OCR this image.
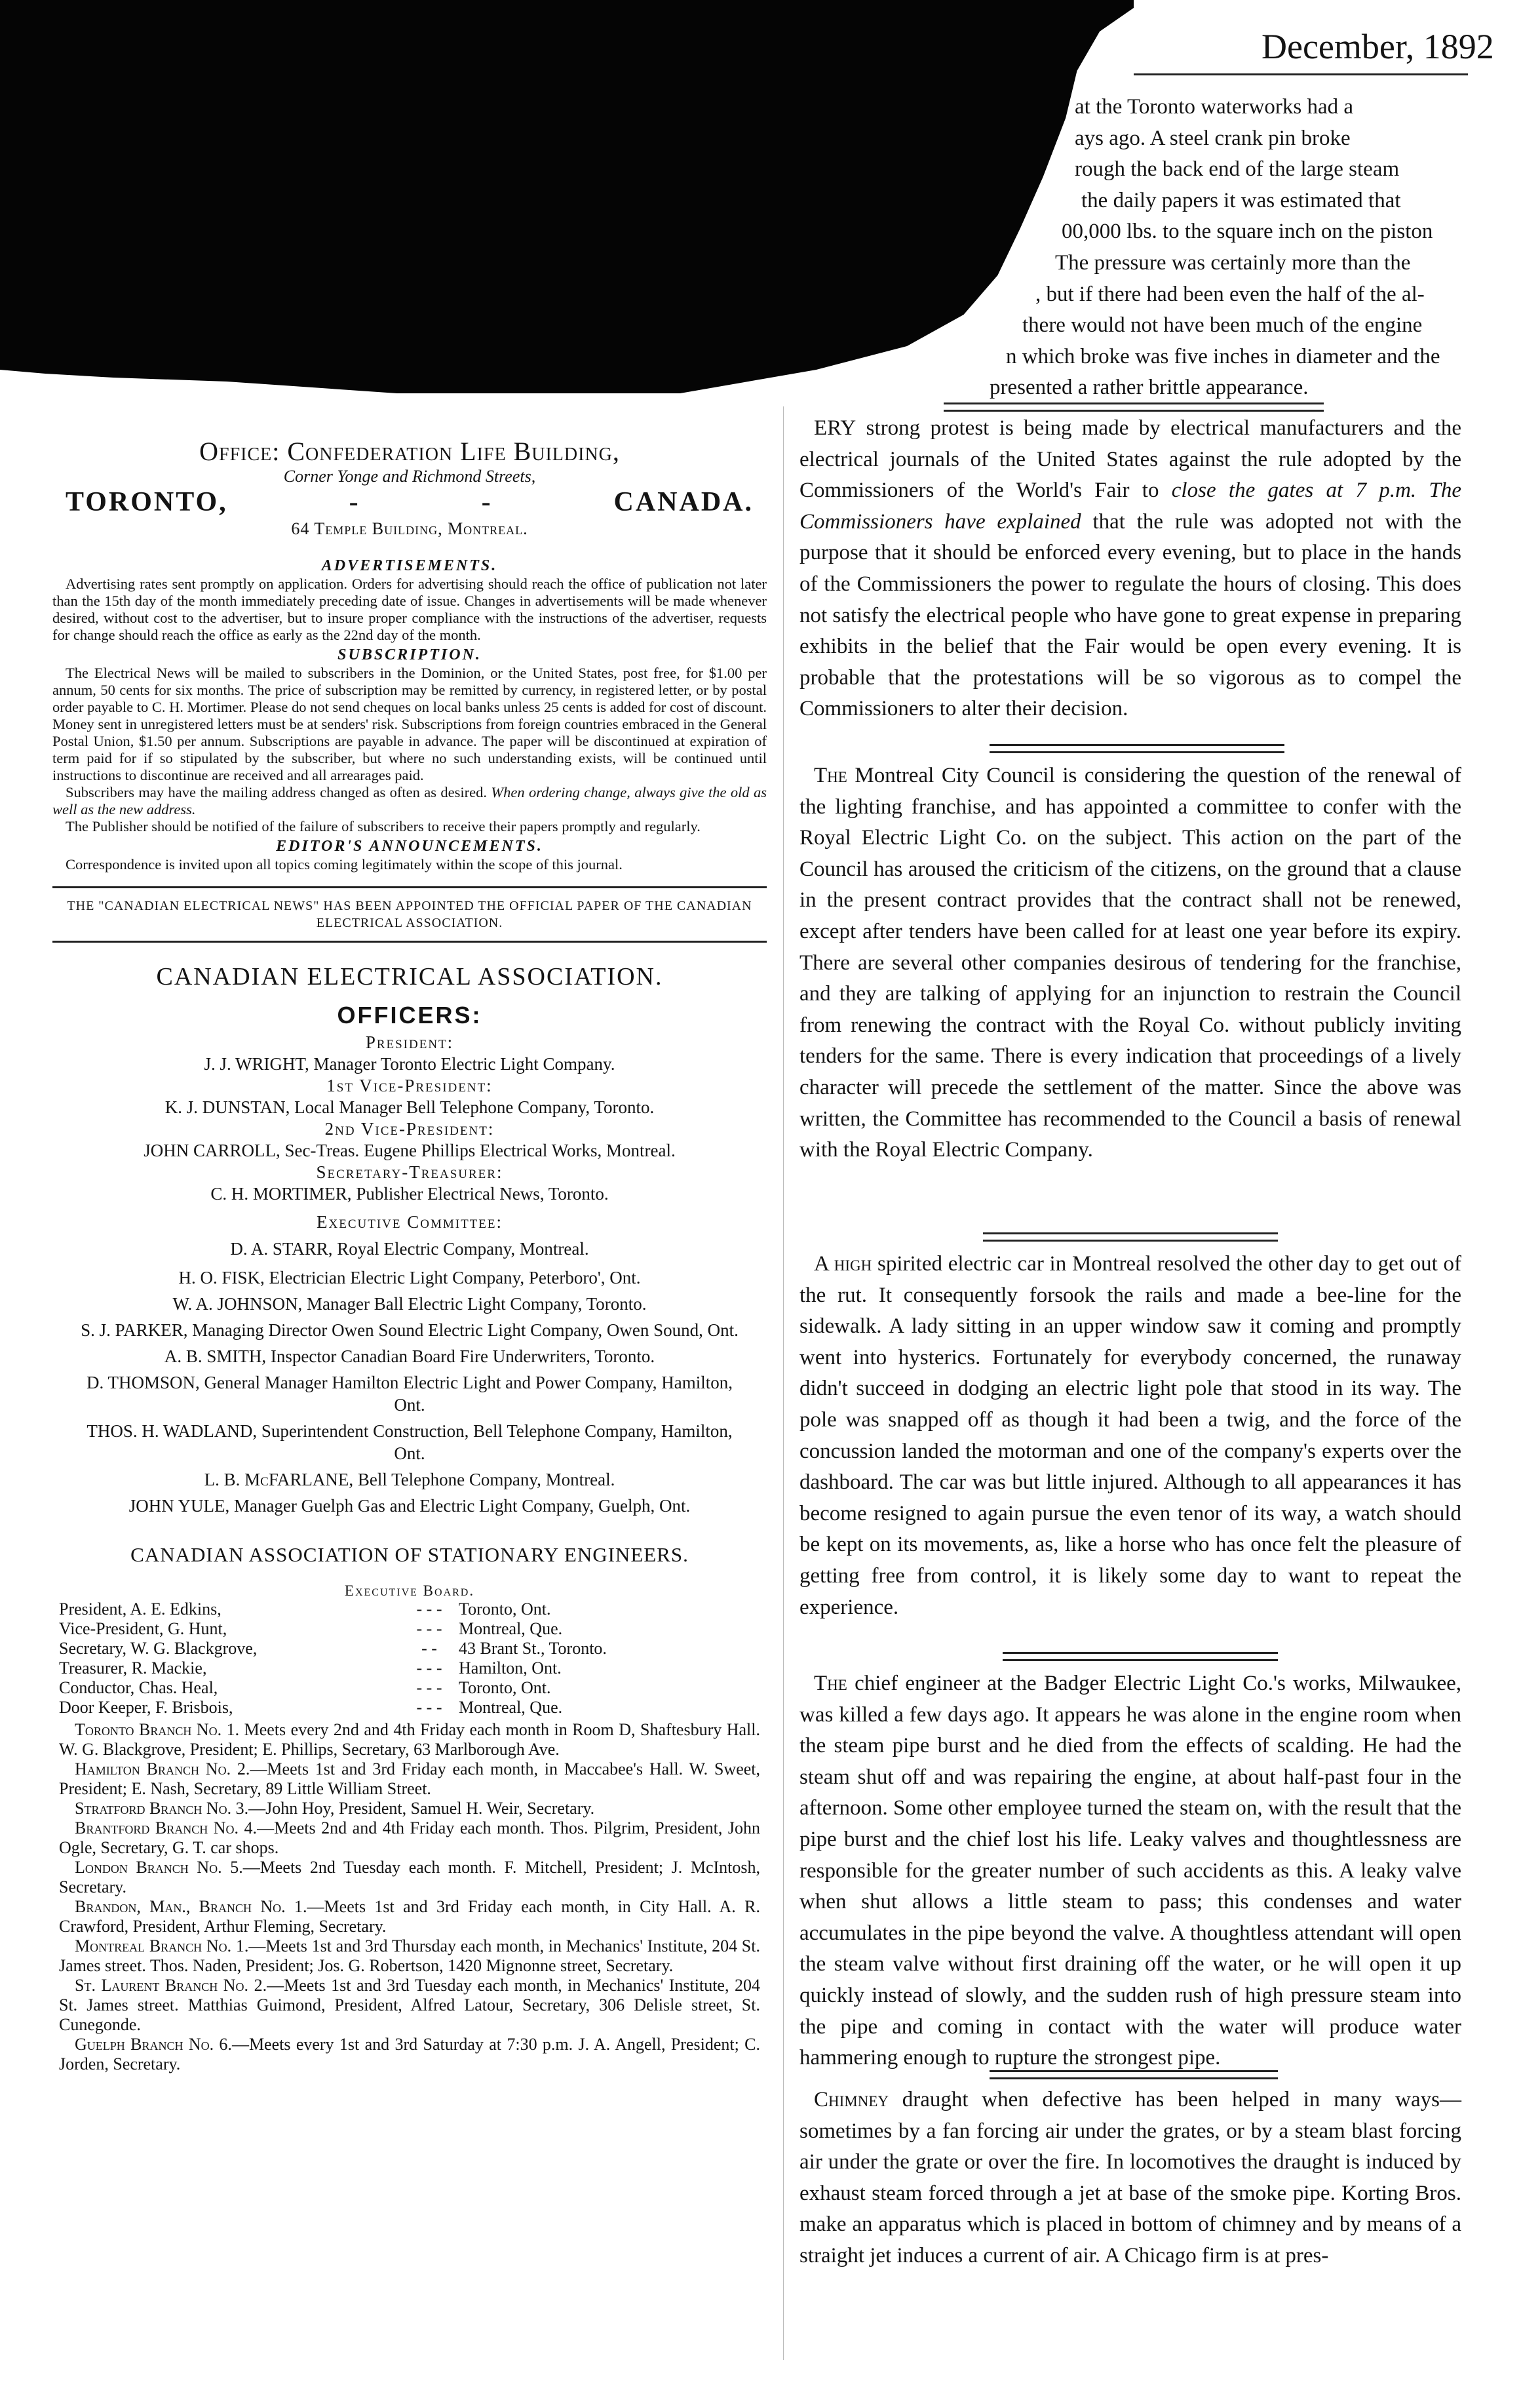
December, 1892
at the Toronto waterworks had a
ays ago. A steel crank pin broke
rough the back end of the large steam
the daily papers it was estimated that
00,000 lbs. to the square inch on the piston
The pressure was certainly more than the
, but if there had been even the half of the al-
there would not have been much of the engine
n which broke was five inches in diameter and the
presented a rather brittle appearance.

ERY strong protest is being made by electrical manufacturers and the electrical journals of the United States against the rule adopted by the Commissioners of the World's Fair to close the gates at 7 p.m. The Commissioners have explained that the rule was adopted not with the purpose that it should be enforced every evening, but to place in the hands of the Commissioners the power to regulate the hours of closing. This does not satisfy the electrical people who have gone to great expense in preparing exhibits in the belief that the Fair would be open every evening. It is probable that the protestations will be so vigorous as to compel the Commissioners to alter their decision.

The Montreal City Council is considering the question of the renewal of the lighting franchise, and has appointed a committee to confer with the Royal Electric Light Co. on the subject. This action on the part of the Council has aroused the criticism of the citizens, on the ground that a clause in the present contract provides that the contract shall not be renewed, except after tenders have been called for at least one year before its expiry. There are several other companies desirous of tendering for the franchise, and they are talking of applying for an injunction to restrain the Council from renewing the contract with the Royal Co. without publicly inviting tenders for the same. There is every indication that proceedings of a lively character will precede the settlement of the matter. Since the above was written, the Committee has recommended to the Council a basis of renewal with the Royal Electric Company.

A high spirited electric car in Montreal resolved the other day to get out of the rut. It consequently forsook the rails and made a bee-line for the sidewalk. A lady sitting in an upper window saw it coming and promptly went into hysterics. Fortunately for everybody concerned, the runaway didn't succeed in dodging an electric light pole that stood in its way. The pole was snapped off as though it had been a twig, and the force of the concussion landed the motorman and one of the company's experts over the dashboard. The car was but little injured. Although to all appearances it has become resigned to again pursue the even tenor of its way, a watch should be kept on its movements, as, like a horse who has once felt the pleasure of getting free from control, it is likely some day to want to repeat the experience.

The chief engineer at the Badger Electric Light Co.'s works, Milwaukee, was killed a few days ago. It appears he was alone in the engine room when the steam pipe burst and he died from the effects of scalding. He had the steam shut off and was repairing the engine, at about half-past four in the afternoon. Some other employee turned the steam on, with the result that the pipe burst and the chief lost his life. Leaky valves and thoughtlessness are responsible for the greater number of such accidents as this. A leaky valve when shut allows a little steam to pass; this condenses and water accumulates in the pipe beyond the valve. A thoughtless attendant will open the steam valve without first draining off the water, or he will open it up quickly instead of slowly, and the sudden rush of high pressure steam into the pipe and coming in contact with the water will produce water hammering enough to rupture the strongest pipe.

Chimney draught when defective has been helped in many ways—sometimes by a fan forcing air under the grates, or by a steam blast forcing air under the grate or over the fire. In locomotives the draught is induced by exhaust steam forced through a jet at base of the smoke pipe. Korting Bros. make an apparatus which is placed in bottom of chimney and by means of a straight jet induces a current of air. A Chicago firm is at pres-

Office: Confederation Life Building,
Corner Yonge and Richmond Streets,
TORONTO,	-	-	CANADA.
64 Temple Building, Montreal.
ADVERTISEMENTS.

Advertising rates sent promptly on application. Orders for advertising should reach the office of publication not later than the 15th day of the month immediately preceding date of issue. Changes in advertisements will be made whenever desired, without cost to the advertiser, but to insure proper compliance with the instructions of the advertiser, requests for change should reach the office as early as the 22nd day of the month.

SUBSCRIPTION.

The Electrical News will be mailed to subscribers in the Dominion, or the United States, post free, for $1.00 per annum, 50 cents for six months. The price of subscription may be remitted by currency, in registered letter, or by postal order payable to C. H. Mortimer. Please do not send cheques on local banks unless 25 cents is added for cost of discount. Money sent in unregistered letters must be at senders' risk. Subscriptions from foreign countries embraced in the General Postal Union, $1.50 per annum. Subscriptions are payable in advance. The paper will be discontinued at expiration of term paid for if so stipulated by the subscriber, but where no such understanding exists, will be continued until instructions to discontinue are received and all arrearages paid.

Subscribers may have the mailing address changed as often as desired. When ordering change, always give the old as well as the new address.

The Publisher should be notified of the failure of subscribers to receive their papers promptly and regularly.

EDITOR'S ANNOUNCEMENTS.

Correspondence is invited upon all topics coming legitimately within the scope of this journal.

THE "CANADIAN ELECTRICAL NEWS" HAS BEEN APPOINTED THE OFFICIAL PAPER OF THE CANADIAN ELECTRICAL ASSOCIATION.
CANADIAN ELECTRICAL ASSOCIATION.
OFFICERS:
President:
J. J. WRIGHT, Manager Toronto Electric Light Company.
1st Vice-President:
K. J. DUNSTAN, Local Manager Bell Telephone Company, Toronto.
2nd Vice-President:
JOHN CARROLL, Sec-Treas. Eugene Phillips Electrical Works, Montreal.
Secretary-Treasurer:
C. H. MORTIMER, Publisher Electrical News, Toronto.
Executive Committee:
D. A. STARR, Royal Electric Company, Montreal.
H. O. FISK, Electrician Electric Light Company, Peterboro', Ont.
W. A. JOHNSON, Manager Ball Electric Light Company, Toronto.
S. J. PARKER, Managing Director Owen Sound Electric Light Company, Owen Sound, Ont.
A. B. SMITH, Inspector Canadian Board Fire Underwriters, Toronto.
D. THOMSON, General Manager Hamilton Electric Light and Power Company, Hamilton, Ont.
THOS. H. WADLAND, Superintendent Construction, Bell Telephone Company, Hamilton, Ont.
L. B. McFARLANE, Bell Telephone Company, Montreal.
JOHN YULE, Manager Guelph Gas and Electric Light Company, Guelph, Ont.
CANADIAN ASSOCIATION OF STATIONARY ENGINEERS.
Executive Board.
President, A. E. Edkins,	- - - Toronto, Ont.
Vice-President, G. Hunt,	- - - Montreal, Que.
Secretary, W. G. Blackgrove,	- -	43 Brant St., Toronto.
Treasurer, R. Mackie,	- - - Hamilton, Ont.
Conductor, Chas. Heal,	- - - Toronto, Ont.
Door Keeper, F. Brisbois,	- - - Montreal, Que.

Toronto Branch No. 1. Meets every 2nd and 4th Friday each month in Room D, Shaftesbury Hall. W. G. Blackgrove, President; E. Phillips, Secretary, 63 Marlborough Ave.

Hamilton Branch No. 2.—Meets 1st and 3rd Friday each month, in Maccabee's Hall. W. Sweet, President; E. Nash, Secretary, 89 Little William Street.

Stratford Branch No. 3.—John Hoy, President, Samuel H. Weir, Secretary.

Brantford Branch No. 4.—Meets 2nd and 4th Friday each month. Thos. Pilgrim, President, John Ogle, Secretary, G. T. car shops.

London Branch No. 5.—Meets 2nd Tuesday each month. F. Mitchell, President; J. McIntosh, Secretary.

Brandon, Man., Branch No. 1.—Meets 1st and 3rd Friday each month, in City Hall. A. R. Crawford, President, Arthur Fleming, Secretary.

Montreal Branch No. 1.—Meets 1st and 3rd Thursday each month, in Mechanics' Institute, 204 St. James street. Thos. Naden, President; Jos. G. Robertson, 1420 Mignonne street, Secretary.

St. Laurent Branch No. 2.—Meets 1st and 3rd Tuesday each month, in Mechanics' Institute, 204 St. James street. Matthias Guimond, President, Alfred Latour, Secretary, 306 Delisle street, St. Cunegonde.

Guelph Branch No. 6.—Meets every 1st and 3rd Saturday at 7:30 p.m. J. A. Angell, President; C. Jorden, Secretary.
